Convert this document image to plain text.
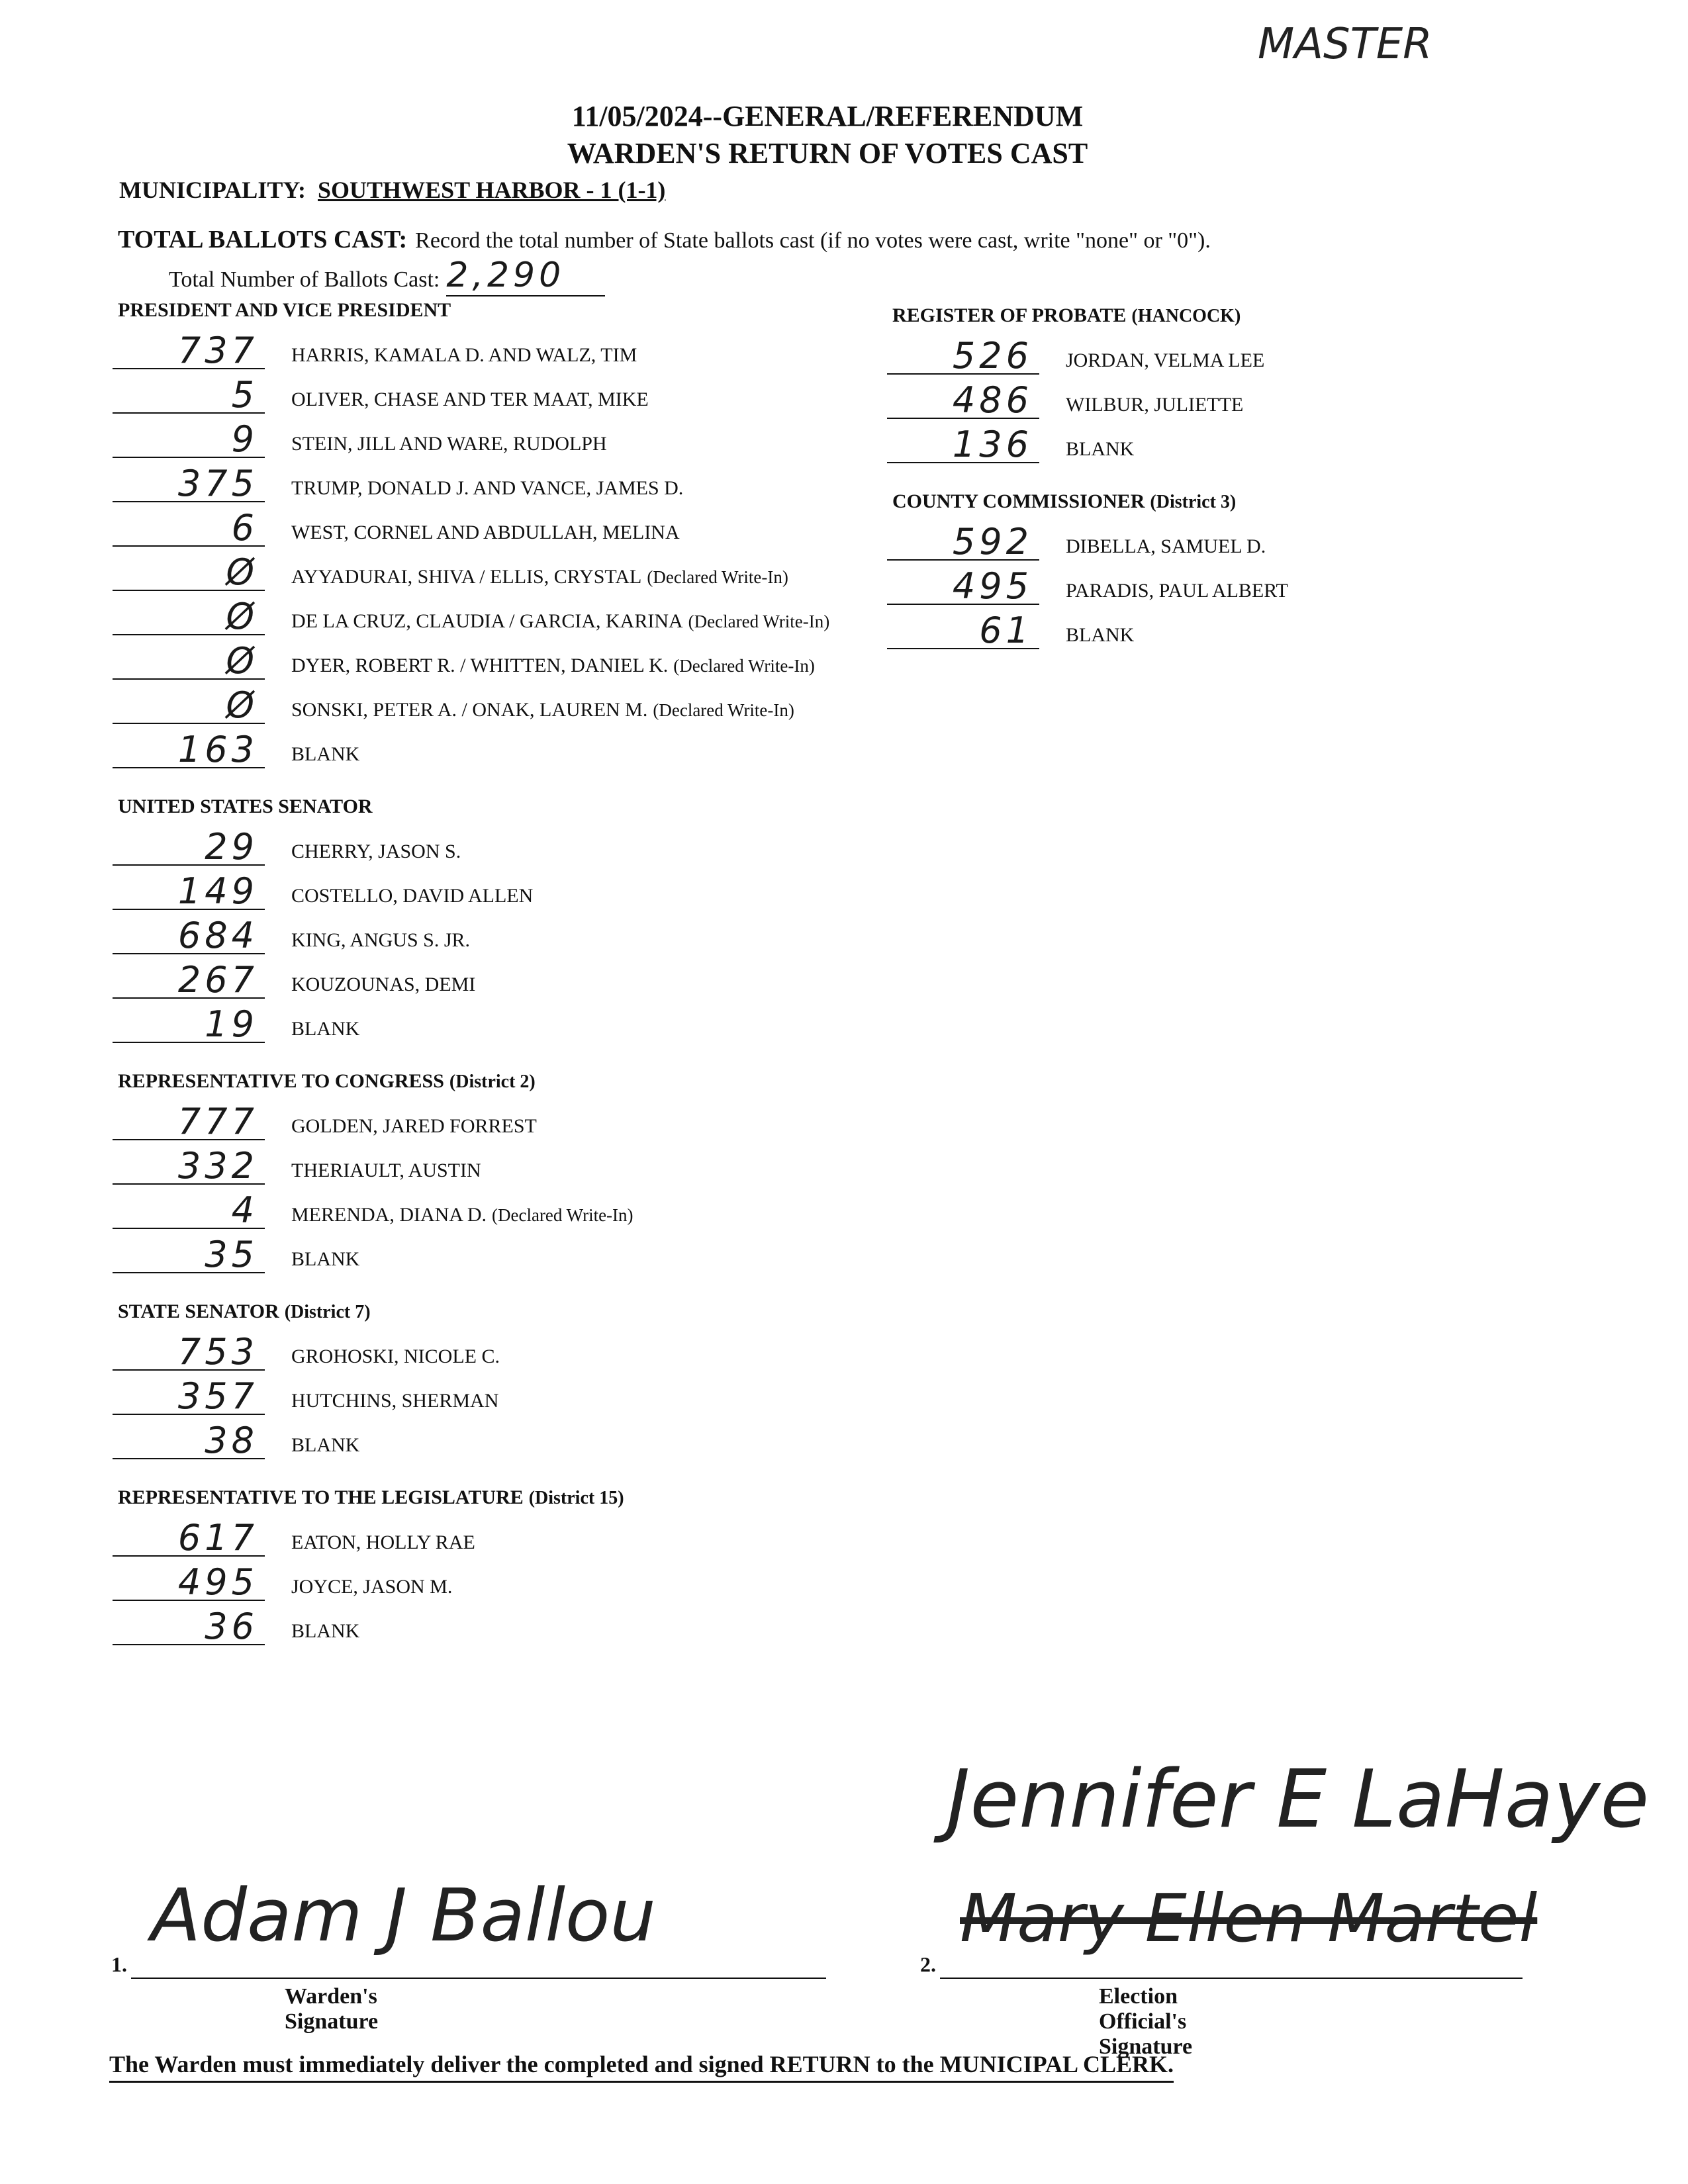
MASTER
11/05/2024--GENERAL/REFERENDUM
WARDEN'S RETURN OF VOTES CAST
MUNICIPALITY: SOUTHWEST HARBOR - 1 (1-1)
TOTAL BALLOTS CAST: Record the total number of State ballots cast (if no votes were cast, write "none" or "0").
Total Number of Ballots Cast: 2,290
PRESIDENT AND VICE PRESIDENT
737	HARRIS, KAMALA D. AND WALZ, TIM
5	OLIVER, CHASE AND TER MAAT, MIKE
9	STEIN, JILL AND WARE, RUDOLPH
375	TRUMP, DONALD J. AND VANCE, JAMES D.
6	WEST, CORNEL AND ABDULLAH, MELINA
Ø	AYYADURAI, SHIVA / ELLIS, CRYSTAL (Declared Write-In)
Ø	DE LA CRUZ, CLAUDIA / GARCIA, KARINA (Declared Write-In)
Ø	DYER, ROBERT R. / WHITTEN, DANIEL K. (Declared Write-In)
Ø	SONSKI, PETER A. / ONAK, LAUREN M. (Declared Write-In)
163	BLANK
UNITED STATES SENATOR
29	CHERRY, JASON S.
149	COSTELLO, DAVID ALLEN
684	KING, ANGUS S. JR.
267	KOUZOUNAS, DEMI
19	BLANK
REPRESENTATIVE TO CONGRESS (District 2)
777	GOLDEN, JARED FORREST
332	THERIAULT, AUSTIN
4	MERENDA, DIANA D. (Declared Write-In)
35	BLANK
STATE SENATOR (District 7)
753	GROHOSKI, NICOLE C.
357	HUTCHINS, SHERMAN
38	BLANK
REPRESENTATIVE TO THE LEGISLATURE (District 15)
617	EATON, HOLLY RAE
495	JOYCE, JASON M.
36	BLANK
REGISTER OF PROBATE (HANCOCK)
526	JORDAN, VELMA LEE
486	WILBUR, JULIETTE
136	BLANK
COUNTY COMMISSIONER (District 3)
592	DIBELLA, SAMUEL D.
495	PARADIS, PAUL ALBERT
61	BLANK
1.
Adam J Ballou
Warden's Signature
Jennifer E LaHaye
2.
Mary Ellen Martel
Election Official's Signature
The Warden must immediately deliver the completed and signed RETURN to the MUNICIPAL CLERK.
